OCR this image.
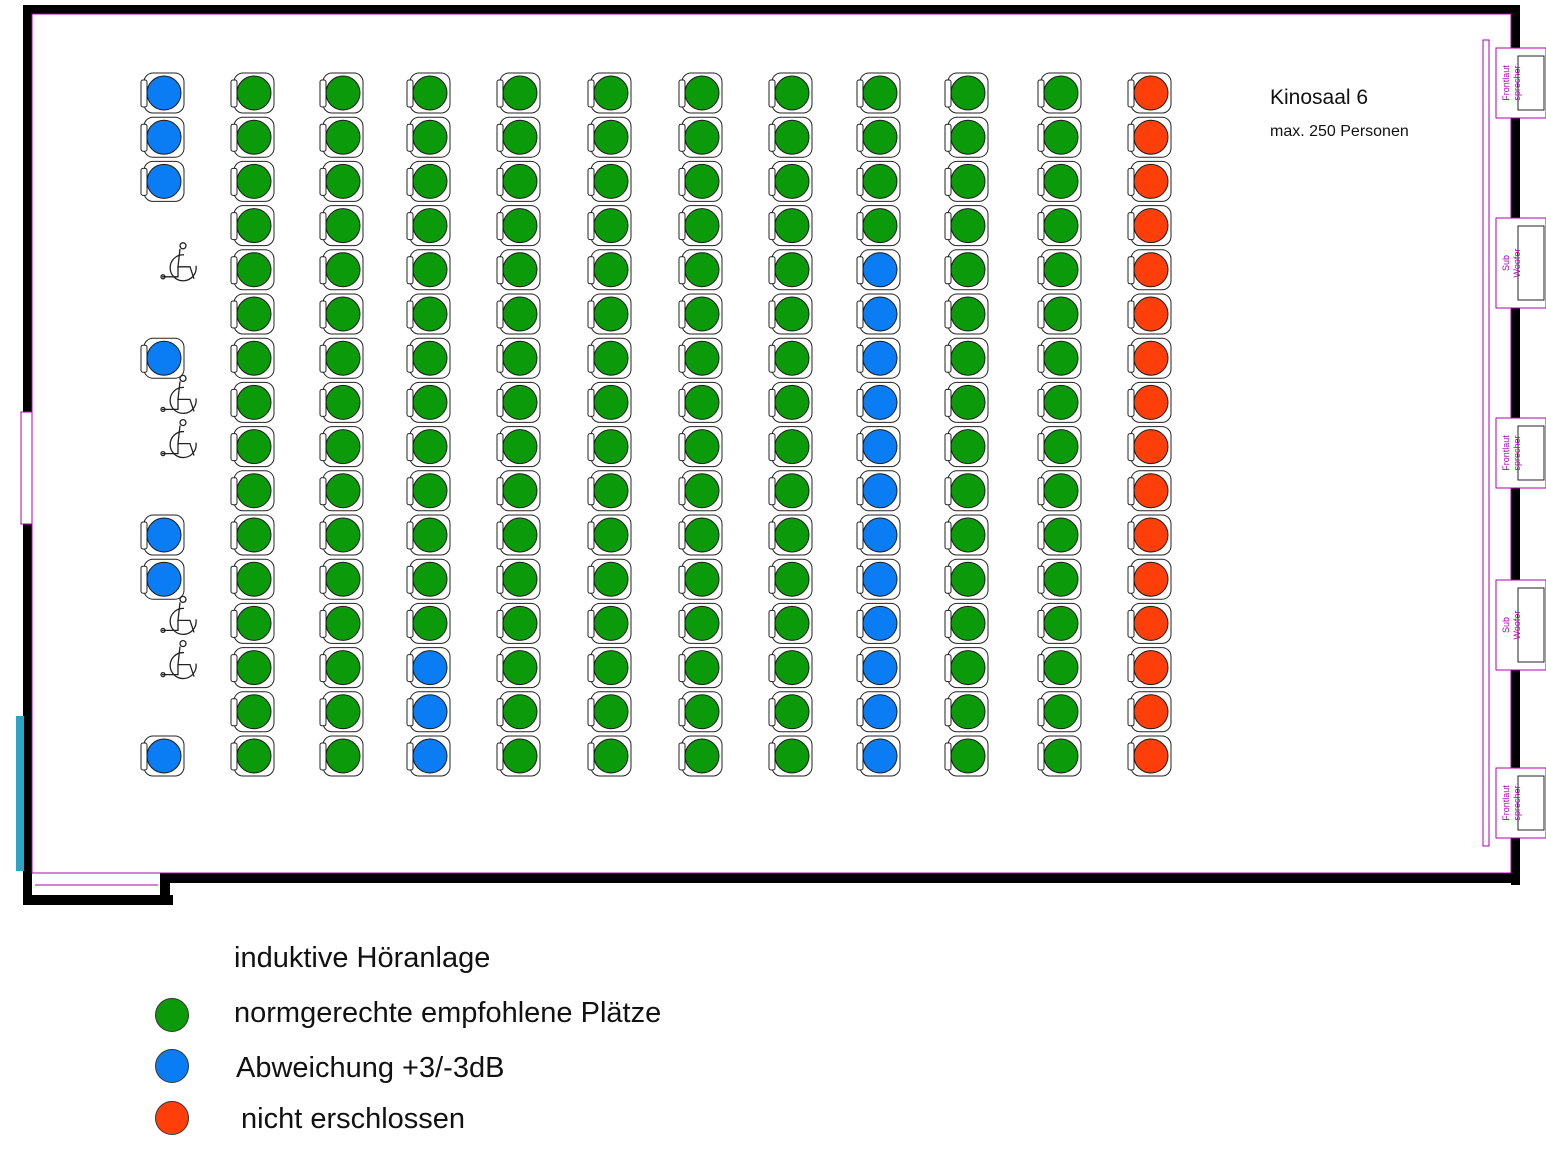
Frontlaut sprecher
Sub Woofer
Frontlaut sprecher
Sub Woofer
Frontlaut sprecher
Kinosaal 6
max. 250 Personen
induktive Höranlage
normgerechte empfohlene Plätze
Abweichung +3/-3dB
nicht erschlossen
